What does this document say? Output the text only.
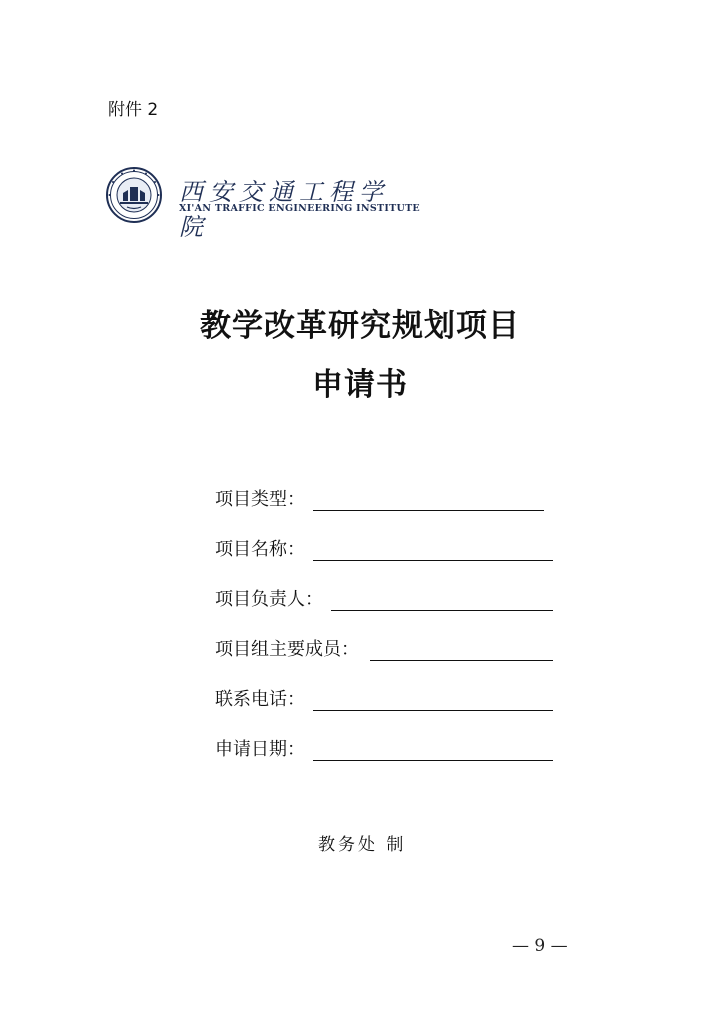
附件 2
西安交通工程学院
XI'AN TRAFFIC ENGINEERING INSTITUTE
教学改革研究规划项目
申请书
项目类型：
项目名称：
项目负责人：
项目组主要成员：
联系电话：
申请日期：
教务处 制
— 9 —
